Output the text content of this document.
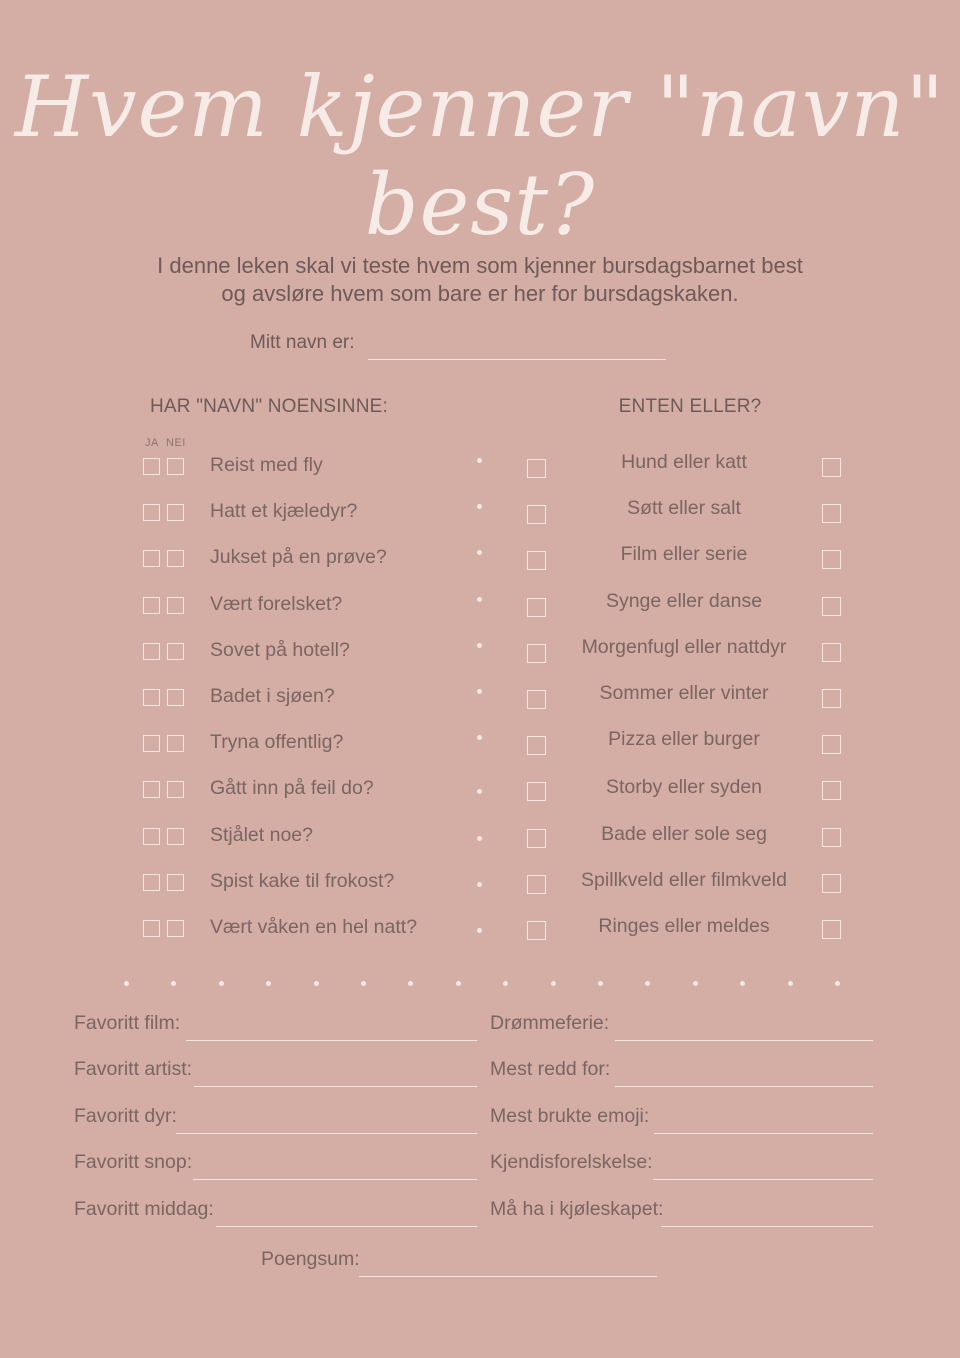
Hvem kjenner "navn" best?
I denne leken skal vi teste hvem som kjenner bursdagsbarnet best
og avsløre hvem som bare er her for bursdagskaken.
Mitt navn er:
HAR "NAVN" NOENSINNE:	ENTEN ELLER?
JA NEI
Reist med fly
Hatt et kjæledyr?
Jukset på en prøve?
Vært forelsket?
Sovet på hotell?
Badet i sjøen?
Tryna offentlig?
Gått inn på feil do?
Stjålet noe?
Spist kake til frokost?
Vært våken en hel natt?
Hund eller katt
Søtt eller salt
Film eller serie
Synge eller danse
Morgenfugl eller nattdyr
Sommer eller vinter
Pizza eller burger
Storby eller syden
Bade eller sole seg
Spillkveld eller filmkveld
Ringes eller meldes
Favoritt film:
Favoritt artist:
Favoritt dyr:
Favoritt snop:
Favoritt middag:
Drømmeferie:
Mest redd for:
Mest brukte emoji:
Kjendisforelskelse:
Må ha i kjøleskapet:
Poengsum:
